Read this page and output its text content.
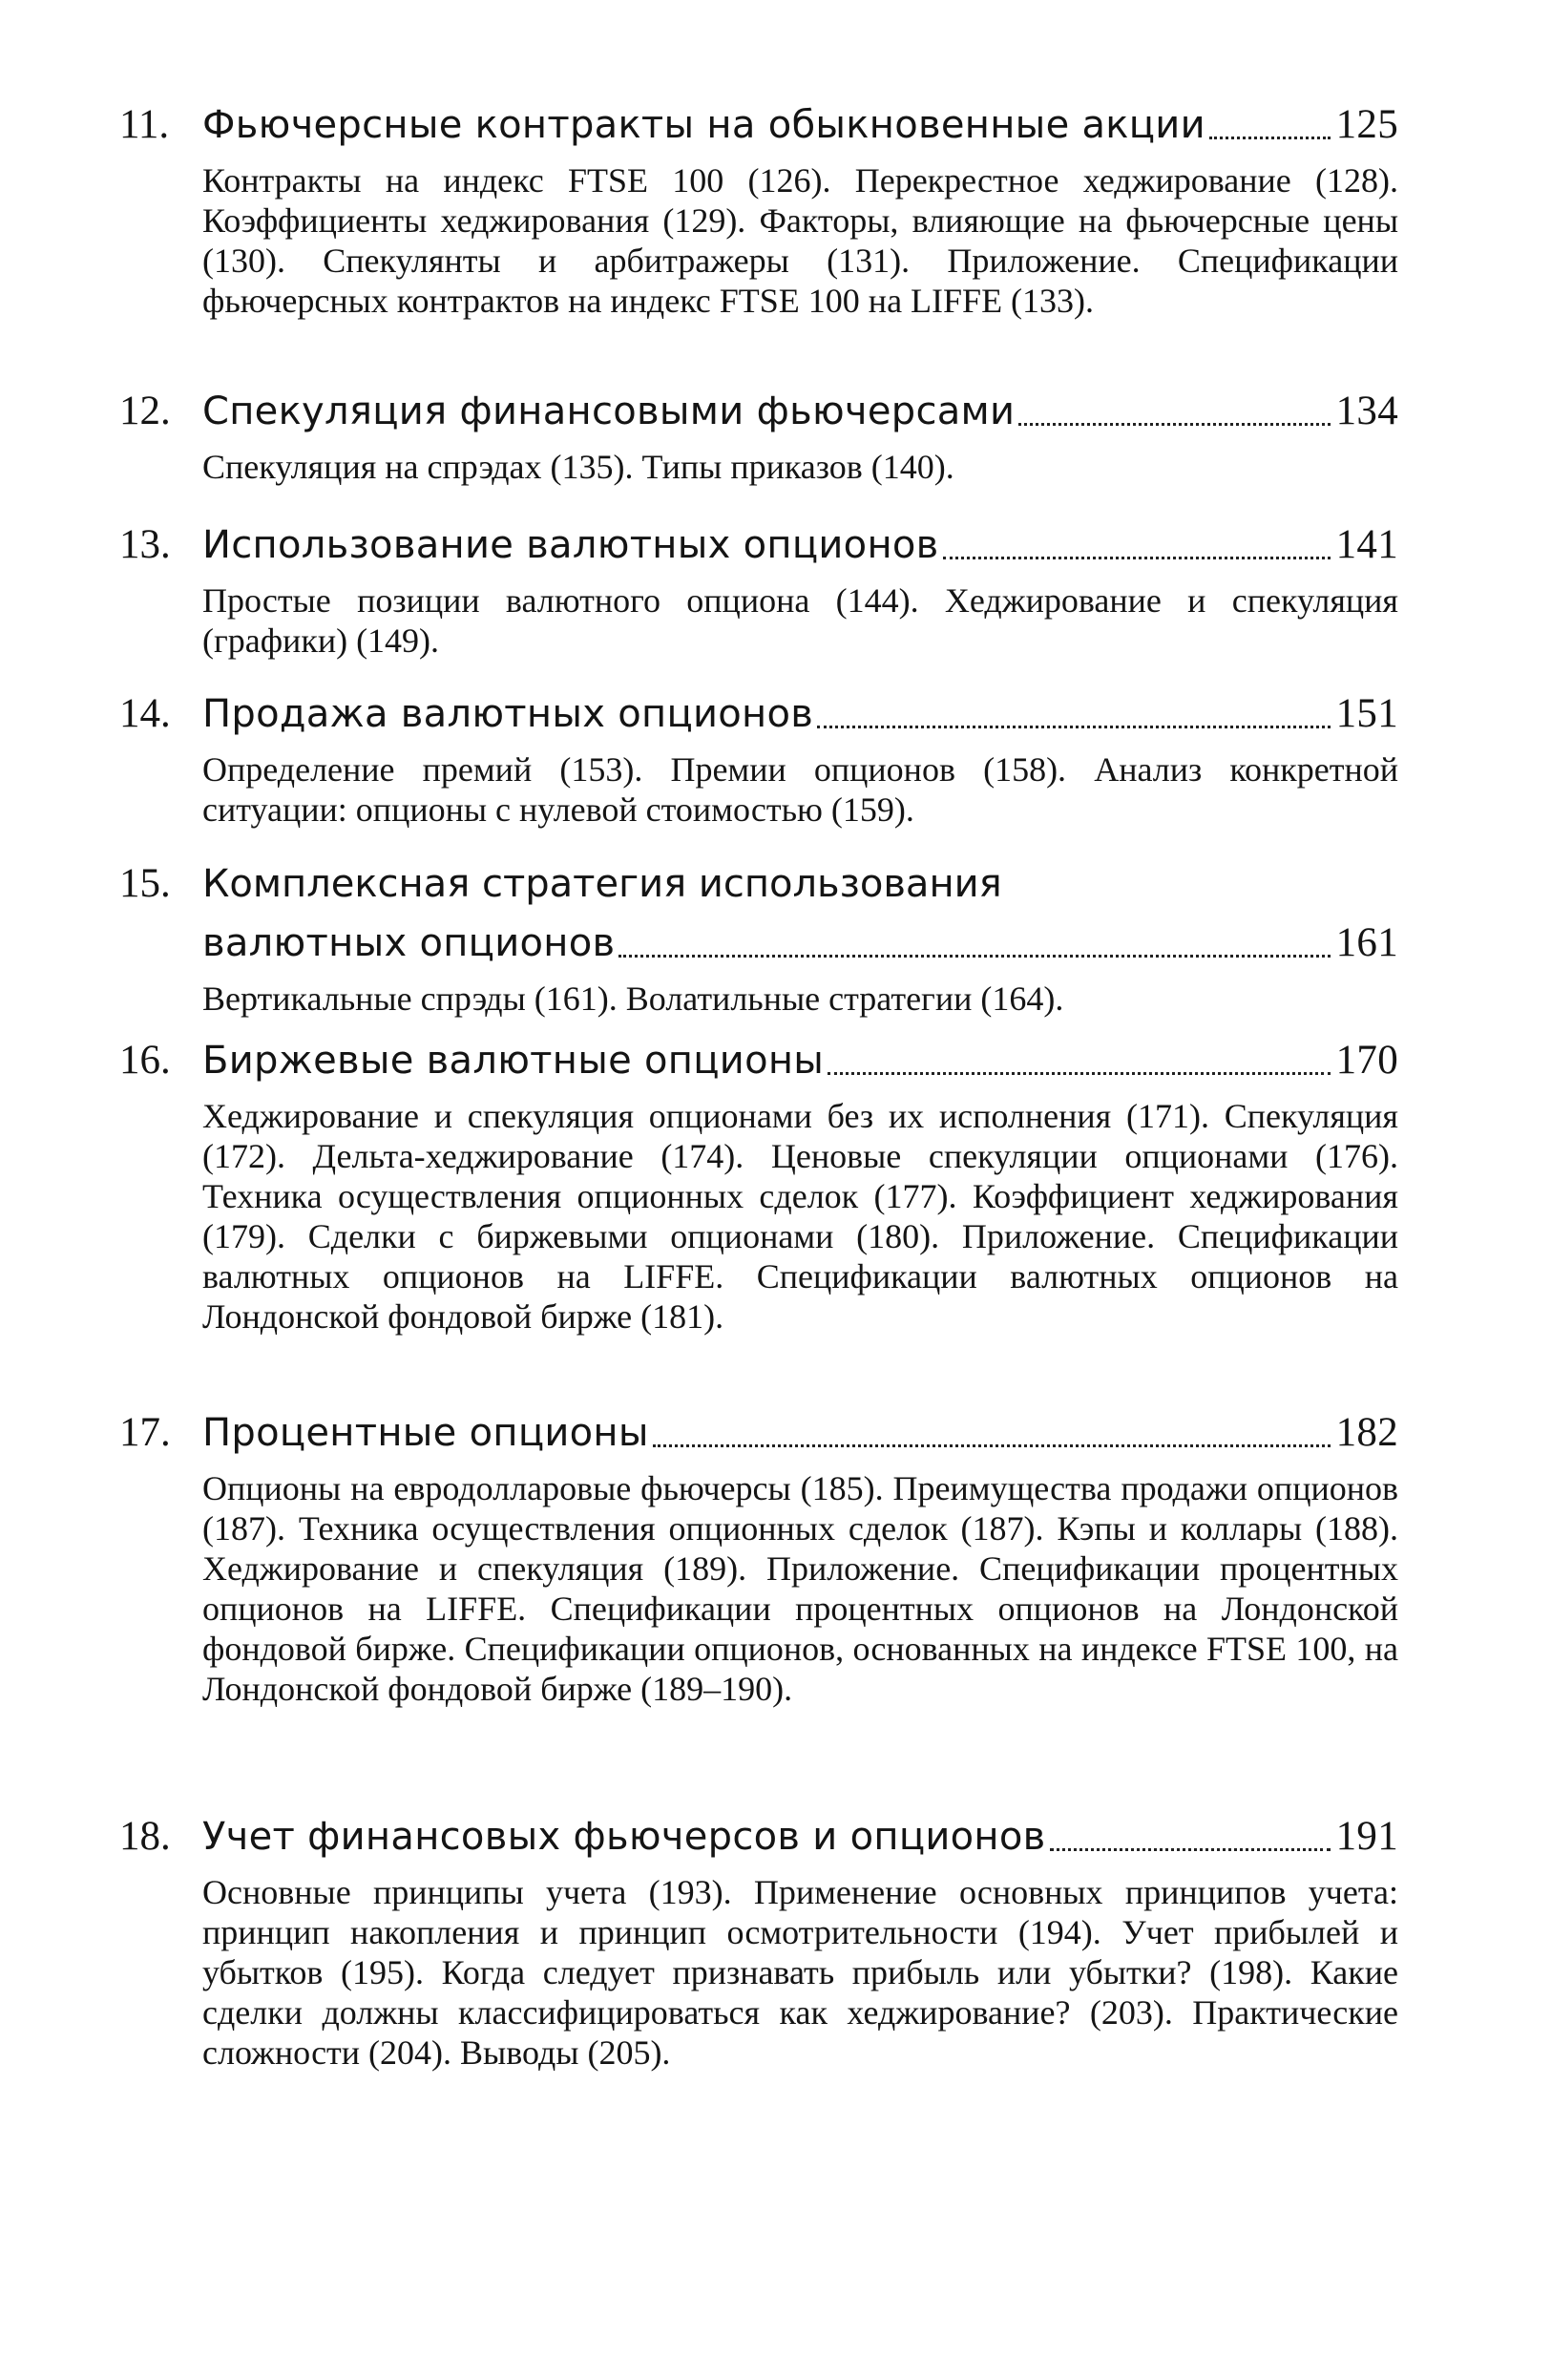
11. Фьючерсные контракты на обыкновенные акции	125
Контракты на индекс FTSE 100 (126). Перекрестное хеджирование (128). Коэффициенты хеджирования (129). Факторы, влияющие на фьючерсные цены (130). Спекулянты и арбитражеры (131). Приложение. Спецификации фьючерсных контрактов на индекс FTSE 100 на LIFFE (133).
12. Спекуляция финансовыми фьючерсами	134
Спекуляция на спрэдах (135). Типы приказов (140).
13. Использование валютных опционов	141
Простые позиции валютного опциона (144). Хеджирование и спекуляция (графики) (149).
14. Продажа валютных опционов	151
Определение премий (153). Премии опционов (158). Анализ конкретной ситуации: опционы с нулевой стоимостью (159).
15. Комплексная стратегия использования
валютных опционов	161
Вертикальные спрэды (161). Волатильные стратегии (164).
16. Биржевые валютные опционы	170
Хеджирование и спекуляция опционами без их исполнения (171). Спекуляция (172). Дельта-хеджирование (174). Ценовые спекуляции опционами (176). Техника осуществления опционных сделок (177). Коэффициент хеджирования (179). Сделки с биржевыми опционами (180). Приложение. Спецификации валютных опционов на LIFFE. Спецификации валютных опционов на Лондонской фондовой бирже (181).
17. Процентные опционы	182
Опционы на евродолларовые фьючерсы (185). Преимущества продажи опционов (187). Техника осуществления опционных сделок (187). Кэпы и коллары (188). Хеджирование и спекуляция (189). Приложение. Спецификации процентных опционов на LIFFE. Спецификации процентных опционов на Лондонской фондовой бирже. Спецификации опционов, основанных на индексе FTSE 100, на Лондонской фондовой бирже (189–190).
18. Учет финансовых фьючерсов и опционов	191
Основные принципы учета (193). Применение основных принципов учета: принцип накопления и принцип осмотрительности (194). Учет прибылей и убытков (195). Когда следует признавать прибыль или убытки? (198). Какие сделки должны классифицироваться как хеджирование? (203). Практические сложности (204). Выводы (205).
